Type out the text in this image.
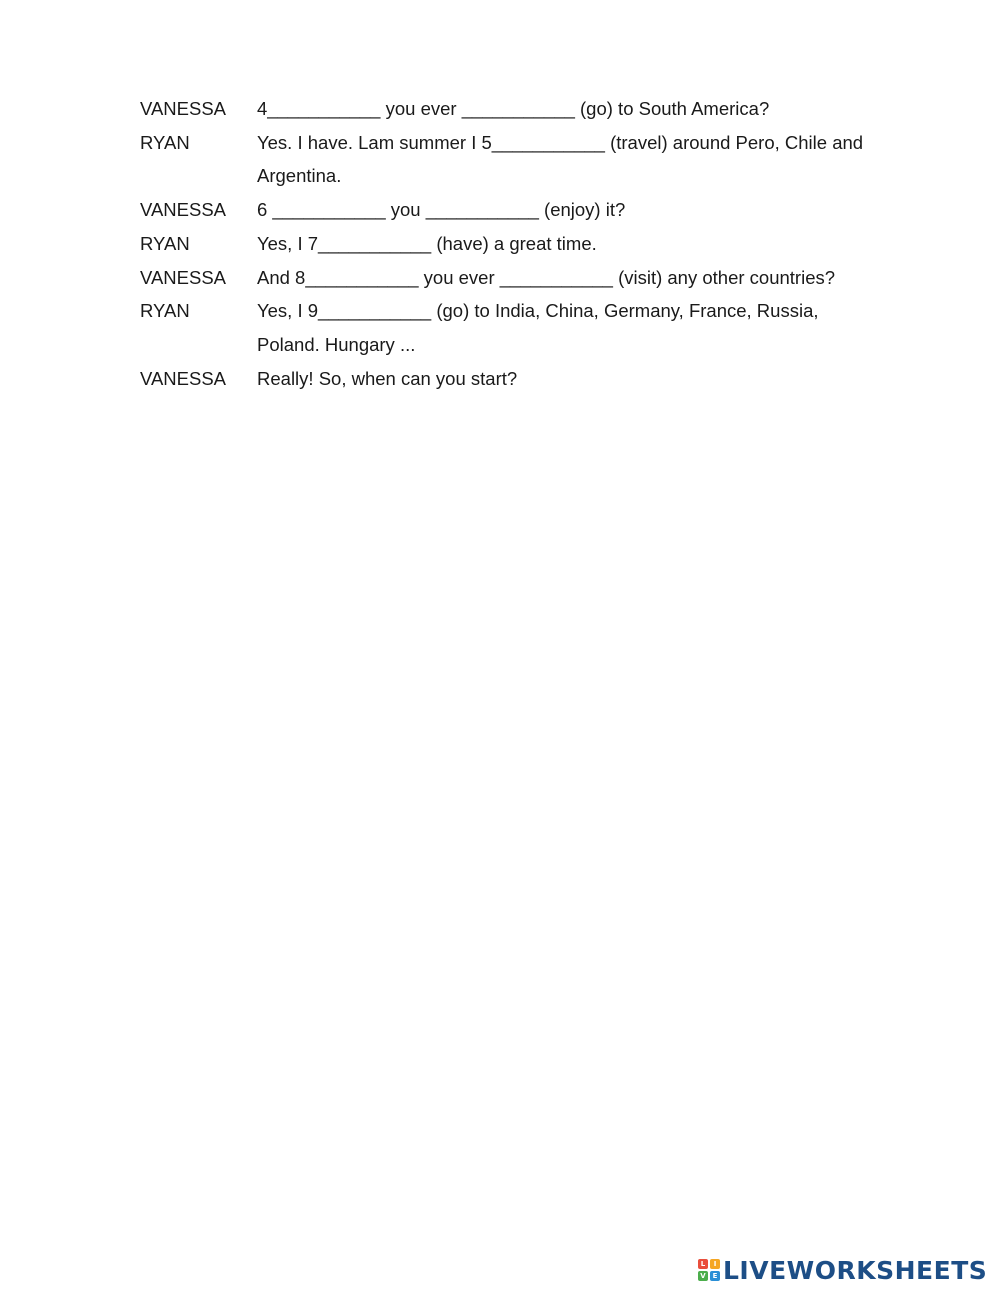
VANESSA	4___________ you ever ___________ (go) to South America?
RYAN	Yes. I have. Lam summer I 5___________ (travel) around Pero, Chile and
Argentina.
VANESSA	6 ___________ you ___________ (enjoy) it?
RYAN	Yes, I 7___________ (have) a great time.
VANESSA	And 8___________ you ever ___________ (visit) any other countries?
RYAN	Yes, I 9___________ (go) to India, China, Germany, France, Russia,
Poland. Hungary ...
VANESSA	Really! So, when can you start?
L	I
V E LIVEWORKSHEETS
